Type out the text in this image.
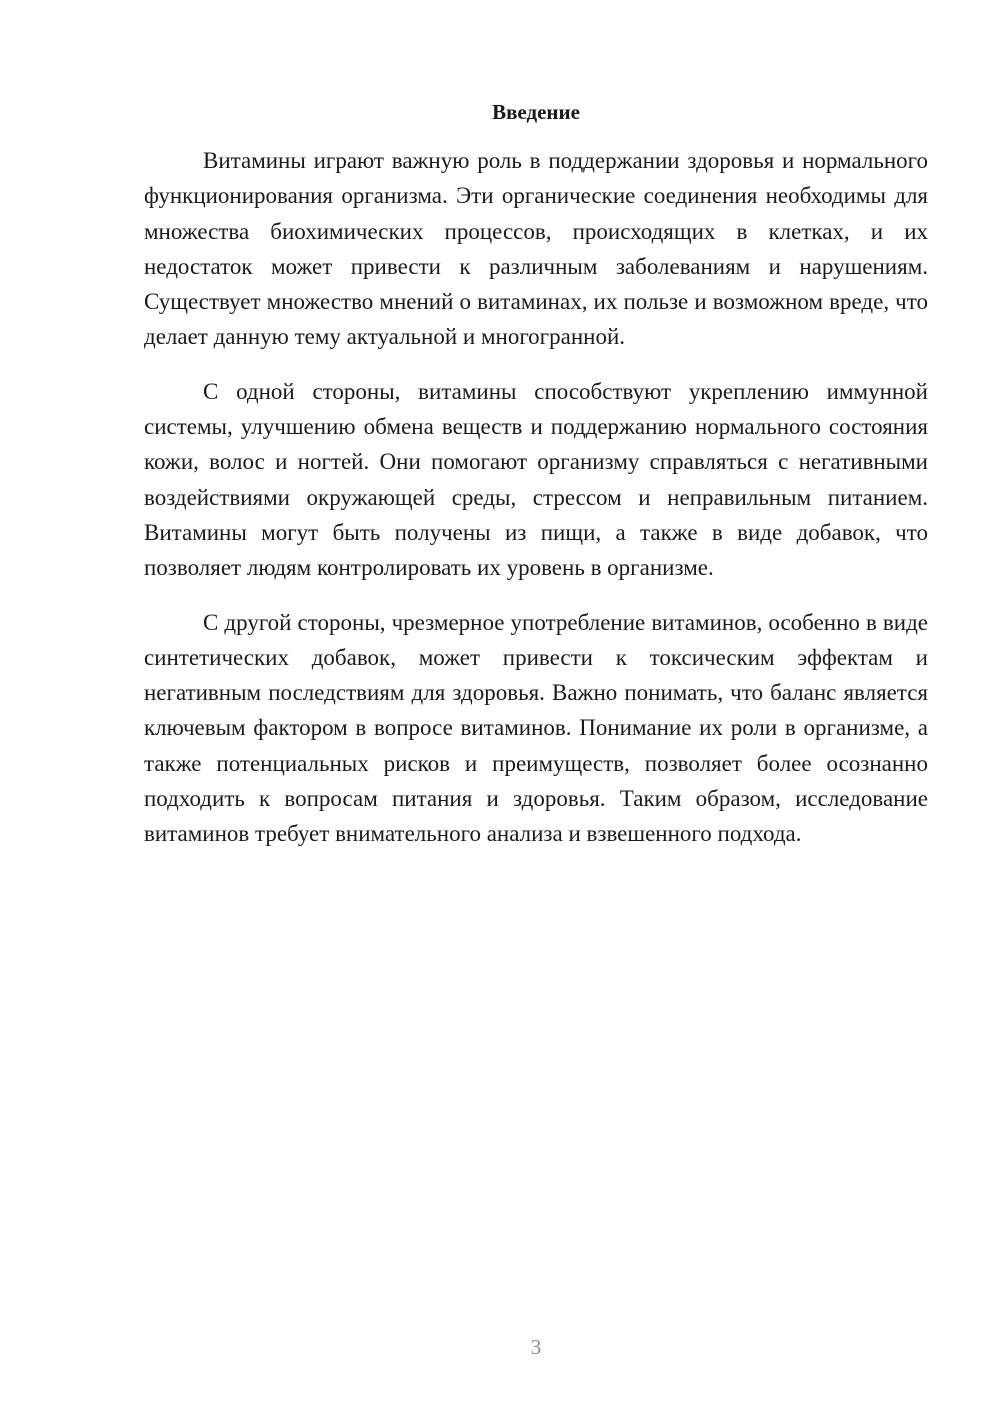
Введение

Витамины играют важную роль в поддержании здоровья и нормального функционирования организма. Эти органические соединения необходимы для множества биохимических процессов, происходящих в клетках, и их недостаток может привести к различным заболеваниям и нарушениям. Существует множество мнений о витаминах, их пользе и возможном вреде, что делает данную тему актуальной и многогранной.

С одной стороны, витамины способствуют укреплению иммунной системы, улучшению обмена веществ и поддержанию нормального состояния кожи, волос и ногтей. Они помогают организму справляться с негативными воздействиями окружающей среды, стрессом и неправильным питанием. Витамины могут быть получены из пищи, а также в виде добавок, что позволяет людям контролировать их уровень в организме.

С другой стороны, чрезмерное употребление витаминов, особенно в виде синтетических добавок, может привести к токсическим эффектам и негативным последствиям для здоровья. Важно понимать, что баланс является ключевым фактором в вопросе витаминов. Понимание их роли в организме, а также потенциальных рисков и преимуществ, позволяет более осознанно подходить к вопросам питания и здоровья. Таким образом, исследование витаминов требует внимательного анализа и взвешенного подхода.

3
